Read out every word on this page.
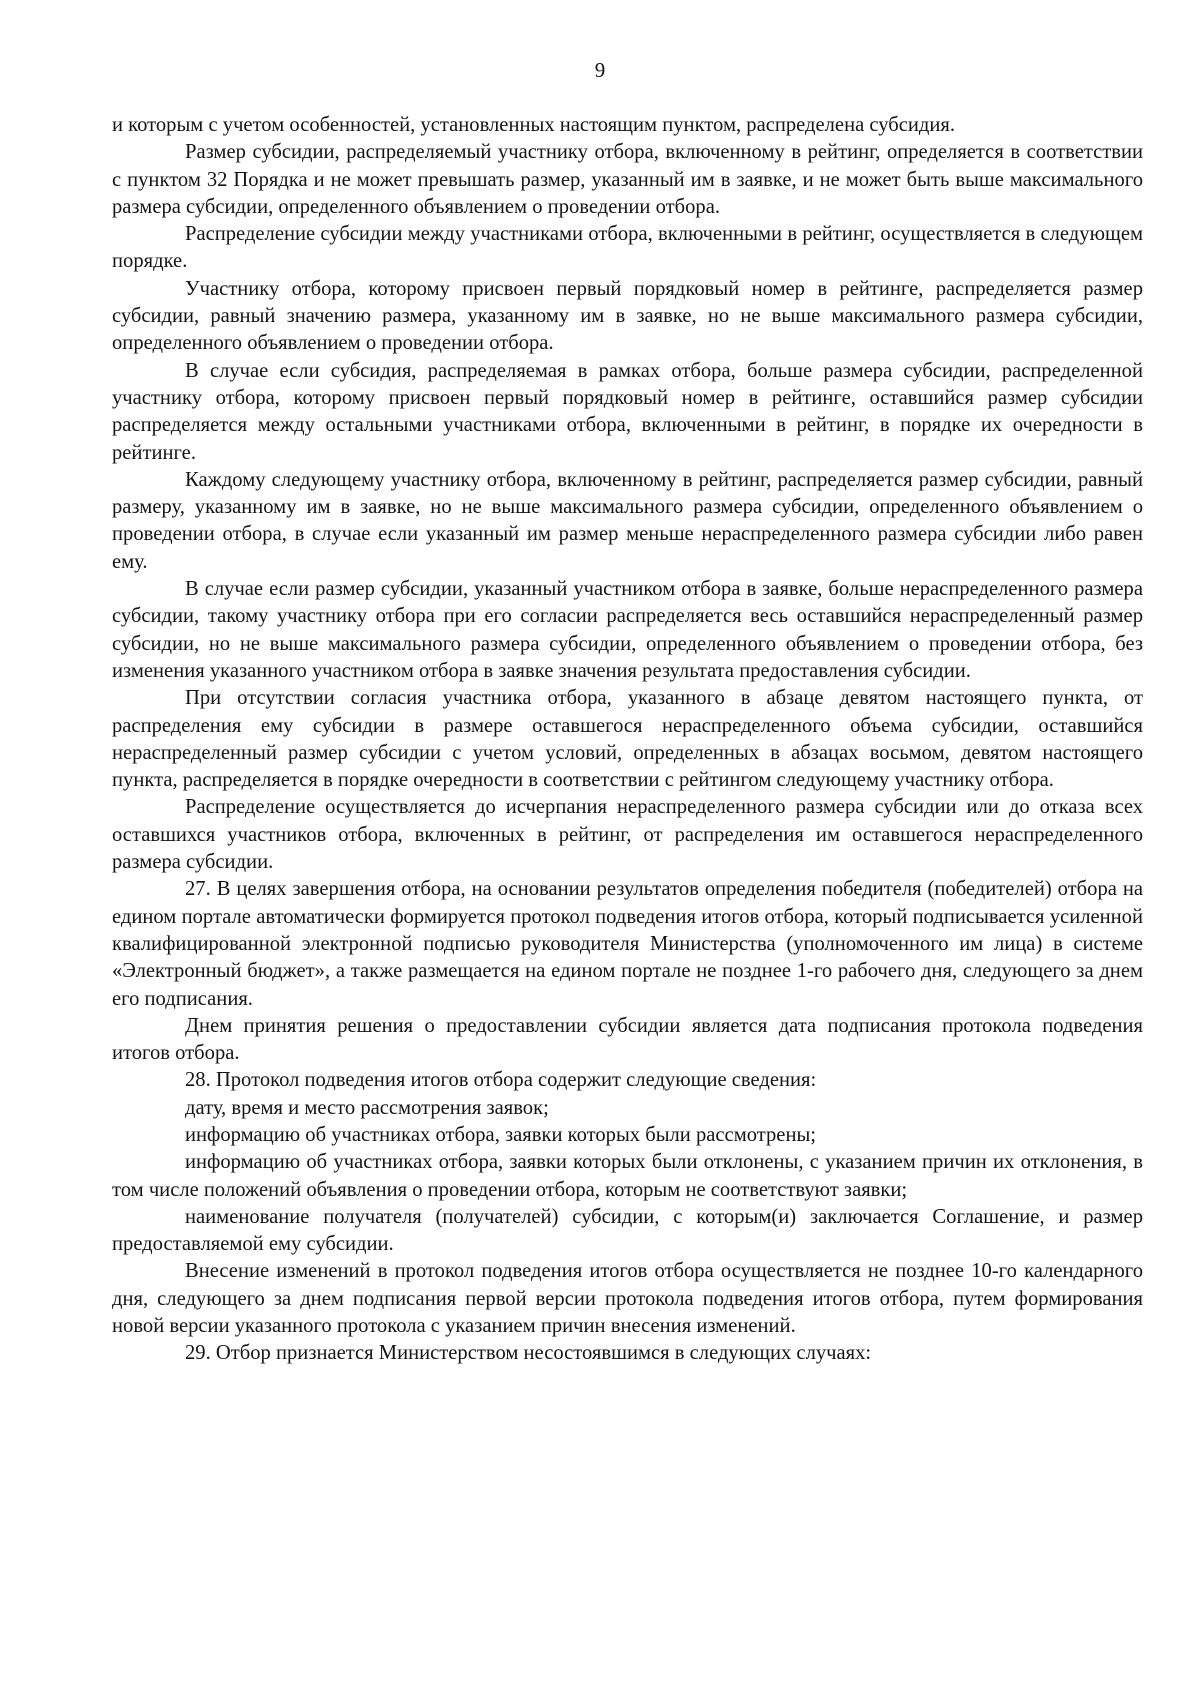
9

и которым с учетом особенностей, установленных настоящим пунктом, распределена субсидия.

Размер субсидии, распределяемый участнику отбора, включенному в рейтинг, определяется в соответствии с пунктом 32 Порядка и не может превышать размер, указанный им в заявке, и не может быть выше максимального размера субсидии, определенного объявлением о проведении отбора.

Распределение субсидии между участниками отбора, включенными в рейтинг, осуществляется в следующем порядке.

Участнику отбора, которому присвоен первый порядковый номер в рейтинге, распределяется размер субсидии, равный значению размера, указанному им в заявке, но не выше максимального размера субсидии, определенного объявлением о проведении отбора.

В случае если субсидия, распределяемая в рамках отбора, больше размера субсидии, распределенной участнику отбора, которому присвоен первый порядковый номер в рейтинге, оставшийся размер субсидии распределяется между остальными участниками отбора, включенными в рейтинг, в порядке их очередности в рейтинге.

Каждому следующему участнику отбора, включенному в рейтинг, распределяется размер субсидии, равный размеру, указанному им в заявке, но не выше максимального размера субсидии, определенного объявлением о проведении отбора, в случае если указанный им размер меньше нераспределенного размера субсидии либо равен ему.

В случае если размер субсидии, указанный участником отбора в заявке, больше нераспределенного размера субсидии, такому участнику отбора при его согласии распределяется весь оставшийся нераспределенный размер субсидии, но не выше максимального размера субсидии, определенного объявлением о проведении отбора, без изменения указанного участником отбора в заявке значения результата предоставления субсидии.

При отсутствии согласия участника отбора, указанного в абзаце девятом настоящего пункта, от распределения ему субсидии в размере оставшегося нераспределенного объема субсидии, оставшийся нераспределенный размер субсидии с учетом условий, определенных в абзацах восьмом, девятом настоящего пункта, распределяется в порядке очередности в соответствии с рейтингом следующему участнику отбора.

Распределение осуществляется до исчерпания нераспределенного размера субсидии или до отказа всех оставшихся участников отбора, включенных в рейтинг, от распределения им оставшегося нераспределенного размера субсидии.

27. В целях завершения отбора, на основании результатов определения победителя (победителей) отбора на едином портале автоматически формируется протокол подведения итогов отбора, который подписывается усиленной квалифицированной электронной подписью руководителя Министерства (уполномоченного им лица) в системе «Электронный бюджет», а также размещается на едином портале не позднее 1-го рабочего дня, следующего за днем его подписания.

Днем принятия решения о предоставлении субсидии является дата подписания протокола подведения итогов отбора.

28. Протокол подведения итогов отбора содержит следующие сведения:

дату, время и место рассмотрения заявок;

информацию об участниках отбора, заявки которых были рассмотрены;

информацию об участниках отбора, заявки которых были отклонены, с указанием причин их отклонения, в том числе положений объявления о проведении отбора, которым не соответствуют заявки;

наименование получателя (получателей) субсидии, с которым(и) заключается Соглашение, и размер предоставляемой ему субсидии.

Внесение изменений в протокол подведения итогов отбора осуществляется не позднее 10-го календарного дня, следующего за днем подписания первой версии протокола подведения итогов отбора, путем формирования новой версии указанного протокола с указанием причин внесения изменений.

29. Отбор признается Министерством несостоявшимся в следующих случаях:
